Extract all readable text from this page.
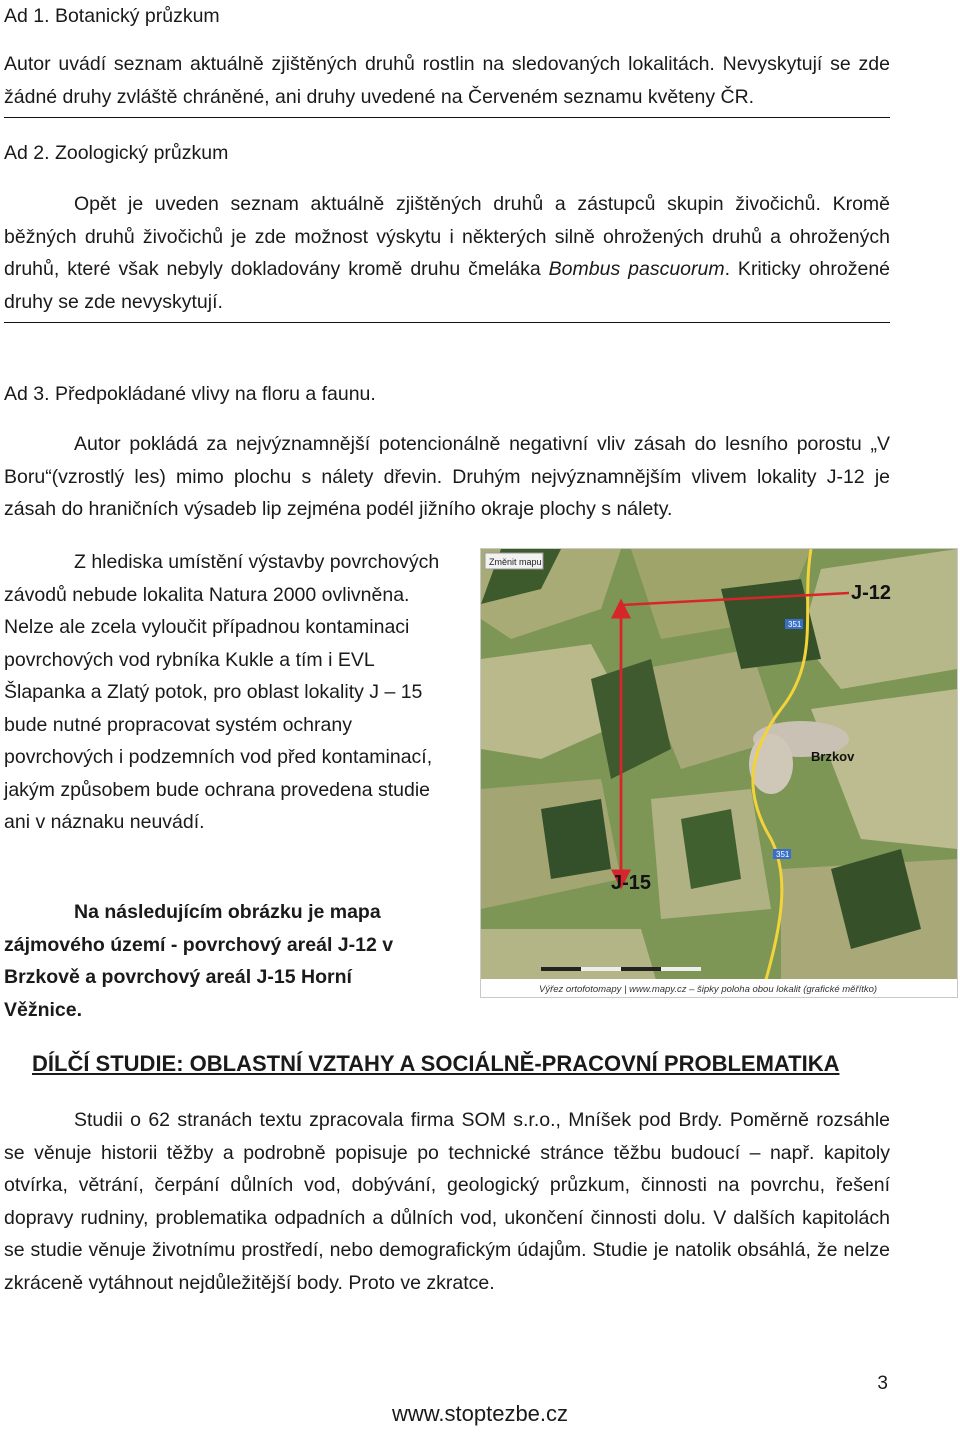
Ad 1. Botanický průzkum
Autor uvádí seznam aktuálně zjištěných druhů rostlin na sledovaných lokalitách. Nevyskytují se zde žádné druhy zvláště chráněné, ani druhy uvedené na Červeném seznamu květeny ČR.
Ad 2. Zoologický průzkum
Opět je uveden seznam aktuálně zjištěných druhů a zástupců skupin živočichů. Kromě běžných druhů živočichů je zde možnost výskytu i některých silně ohrožených druhů a ohrožených druhů, které však nebyly dokladovány kromě druhu čmeláka Bombus pascuorum. Kriticky ohrožené druhy se zde nevyskytují.
Ad 3. Předpokládané vlivy na floru a faunu.
Autor pokládá za nejvýznamnější potencionálně negativní vliv zásah do lesního porostu „V Boru“(vzrostlý les) mimo plochu s nálety dřevin. Druhým nejvýznamnějším vlivem lokality J-12 je zásah do hraničních výsadeb lip zejména podél jižního okraje plochy s nálety.
Z hlediska umístění výstavby povrchových závodů nebude lokalita Natura 2000 ovlivněna. Nelze ale zcela vyloučit případnou kontaminaci povrchových vod rybníka Kukle a tím i EVL Šlapanka a Zlatý potok, pro oblast lokality J – 15 bude nutné propracovat systém ochrany povrchových i podzemních vod před kontaminací, jakým způsobem bude ochrana provedena studie ani v náznaku neuvádí.
Na následujícím obrázku je mapa zájmového území - povrchový areál J-12 v Brzkově a povrchový areál J-15 Horní Věžnice.
351
351
J-12
J-15
Brzkov
Změnit mapu
Výřez ortofotomapy | www.mapy.cz – šipky poloha obou lokalit (grafické měřítko)
DÍLČÍ STUDIE: OBLASTNÍ VZTAHY A SOCIÁLNĚ-PRACOVNÍ PROBLEMATIKA
Studii o 62 stranách textu zpracovala firma SOM s.r.o., Mníšek pod Brdy. Poměrně rozsáhle se věnuje historii těžby a podrobně popisuje po technické stránce těžbu budoucí – např. kapitoly otvírka, větrání, čerpání důlních vod, dobývání, geologický průzkum, činnosti na povrchu, řešení dopravy rudniny, problematika odpadních a důlních vod, ukončení činnosti dolu. V dalších kapitolách se studie věnuje životnímu prostředí, nebo demografickým údajům. Studie je natolik obsáhlá, že nelze zkráceně vytáhnout nejdůležitější body. Proto ve zkratce.
3
www.stoptezbe.cz
